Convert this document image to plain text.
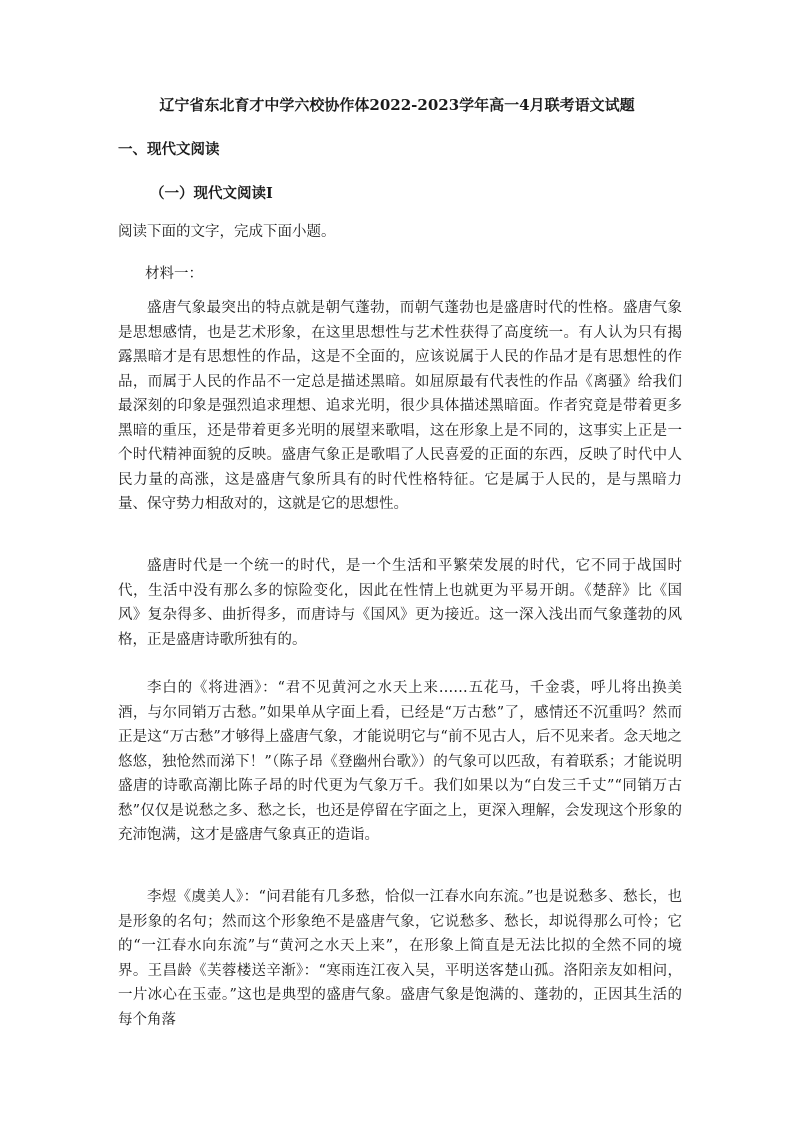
辽宁省东北育才中学六校协作体2022-2023学年高一4月联考语文试题
一、现代文阅读
（一）现代文阅读Ⅰ
阅读下面的文字，完成下面小题。
材料一：

盛唐气象最突出的特点就是朝气蓬勃，而朝气蓬勃也是盛唐时代的性格。盛唐气象是思想感情，也是艺术形象，在这里思想性与艺术性获得了高度统一。有人认为只有揭露黑暗才是有思想性的作品，这是不全面的，应该说属于人民的作品才是有思想性的作品，而属于人民的作品不一定总是描述黑暗。如屈原最有代表性的作品《离骚》给我们最深刻的印象是强烈追求理想、追求光明，很少具体描述黑暗面。作者究竟是带着更多黑暗的重压，还是带着更多光明的展望来歌唱，这在形象上是不同的，这事实上正是一个时代精神面貌的反映。盛唐气象正是歌唱了人民喜爱的正面的东西，反映了时代中人民力量的高涨，这是盛唐气象所具有的时代性格特征。它是属于人民的，是与黑暗力量、保守势力相敌对的，这就是它的思想性。

盛唐时代是一个统一的时代，是一个生活和平繁荣发展的时代，它不同于战国时代，生活中没有那么多的惊险变化，因此在性情上也就更为平易开朗。《楚辞》比《国风》复杂得多、曲折得多，而唐诗与《国风》更为接近。这一深入浅出而气象蓬勃的风格，正是盛唐诗歌所独有的。

李白的《将进酒》：“君不见黄河之水天上来……五花马，千金裘，呼儿将出换美酒，与尔同销万古愁。”如果单从字面上看，已经是“万古愁”了，感情还不沉重吗？然而正是这“万古愁”才够得上盛唐气象，才能说明它与“前不见古人，后不见来者。念天地之悠悠，独怆然而涕下！”（陈子昂《登幽州台歌》）的气象可以匹敌，有着联系；才能说明盛唐的诗歌高潮比陈子昂的时代更为气象万千。我们如果以为“白发三千丈”“同销万古愁”仅仅是说愁之多、愁之长，也还是停留在字面之上，更深入理解，会发现这个形象的充沛饱满，这才是盛唐气象真正的造诣。

李煜《虞美人》：“问君能有几多愁，恰似一江春水向东流。”也是说愁多、愁长，也是形象的名句；然而这个形象绝不是盛唐气象，它说愁多、愁长，却说得那么可怜；它的“一江春水向东流”与“黄河之水天上来”，在形象上简直是无法比拟的全然不同的境界。王昌龄《芙蓉楼送辛渐》：“寒雨连江夜入吴，平明送客楚山孤。洛阳亲友如相问，一片冰心在玉壶。”这也是典型的盛唐气象。盛唐气象是饱满的、蓬勃的，正因其生活的每个角落
